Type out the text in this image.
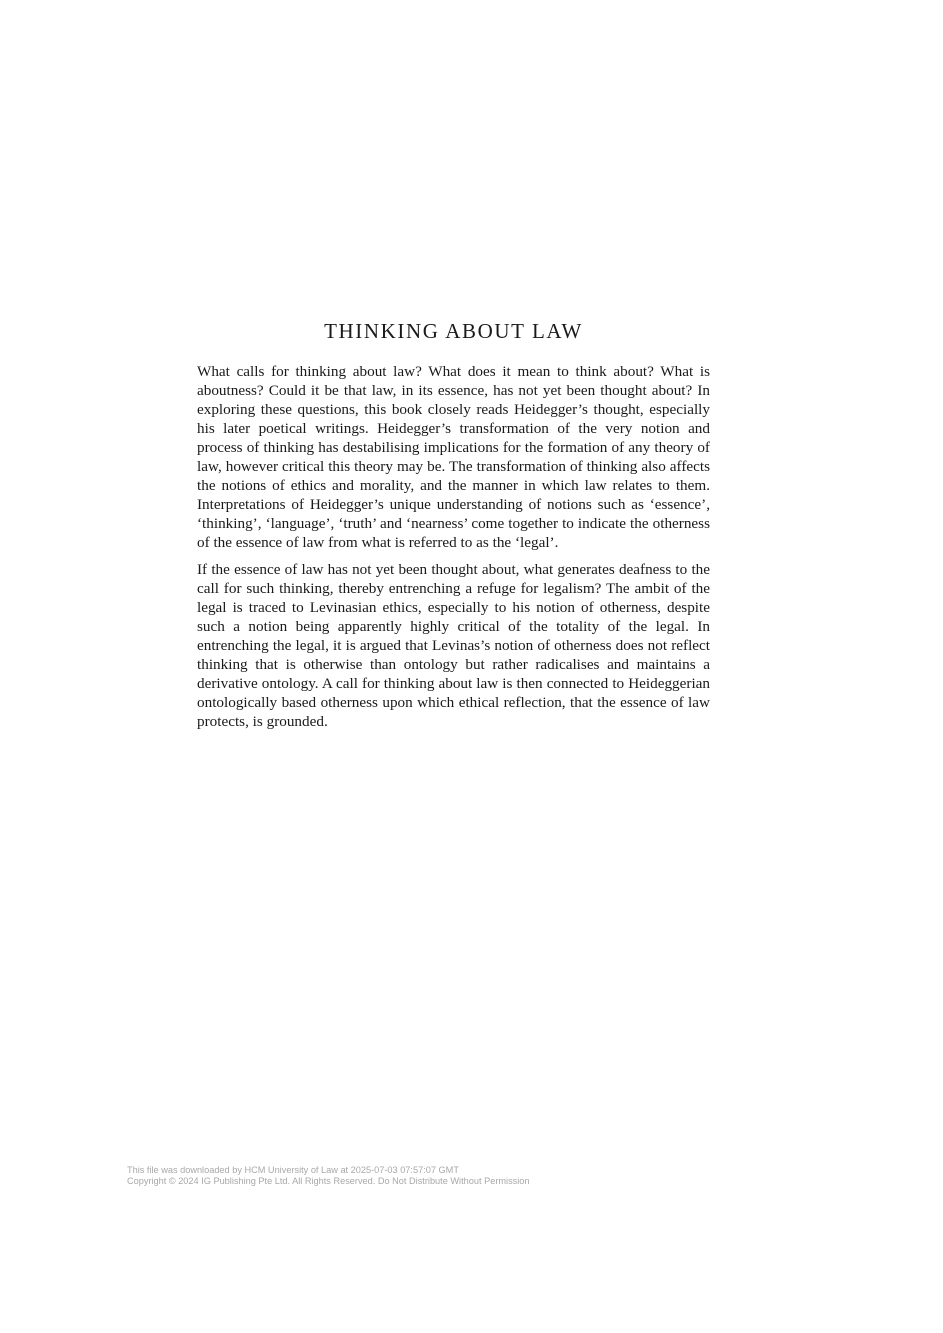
THINKING ABOUT LAW

What calls for thinking about law? What does it mean to think about? What is aboutness? Could it be that law, in its essence, has not yet been thought about? In exploring these questions, this book closely reads Heidegger’s thought, especially his later poetical writings. Heidegger’s transformation of the very notion and process of thinking has destabilising implications for the formation of any theory of law, however critical this theory may be. The transformation of thinking also affects the notions of ethics and morality, and the manner in which law relates to them. Interpretations of Heidegger’s unique understanding of notions such as ‘essence’, ‘thinking’, ‘language’, ‘truth’ and ‘nearness’ come together to indicate the otherness of the essence of law from what is referred to as the ‘legal’.

If the essence of law has not yet been thought about, what generates deafness to the call for such thinking, thereby entrenching a refuge for legalism? The ambit of the legal is traced to Levinasian ethics, especially to his notion of otherness, despite such a notion being apparently highly critical of the totality of the legal. In entrenching the legal, it is argued that Levinas’s notion of otherness does not reflect thinking that is otherwise than ontology but rather radicalises and maintains a derivative ontology. A call for thinking about law is then connected to Heideggerian ontologically based otherness upon which ethical reflection, that the essence of law protects, is grounded.

This file was downloaded by HCM University of Law at 2025-07-03 07:57:07 GMT
Copyright © 2024 IG Publishing Pte Ltd. All Rights Reserved. Do Not Distribute Without Permission
